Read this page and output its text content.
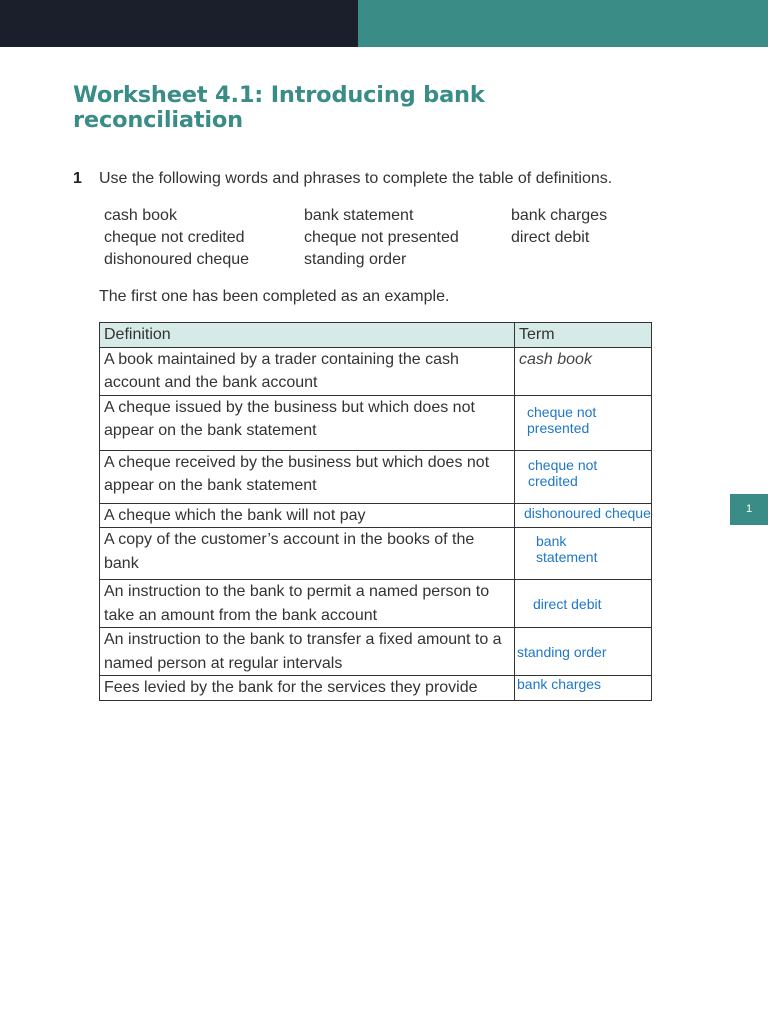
Worksheet 4.1: Introducing bank reconciliation
1 Use the following words and phrases to complete the table of definitions.
cash book	bank statement	bank charges
cheque not credited	cheque not presented	direct debit
dishonoured cheque	standing order
The first one has been completed as an example.
Definition	Term
A book maintained by a trader containing the cash account and the bank account	cash book
A cheque issued by the business but which does not appear on the bank statement	cheque not presented

A cheque received by the business but which does not appear on the bank statement	cheque not credited

A cheque which the bank will not pay	dishonoured cheque

A copy of the customer’s account in the books of the bank	bank statement

An instruction to the bank to permit a named person to take an amount from the bank account	direct debit

An instruction to the bank to transfer a fixed amount to a named person at regular intervals	standing order

Fees levied by the bank for the services they provide	bank charges
1
